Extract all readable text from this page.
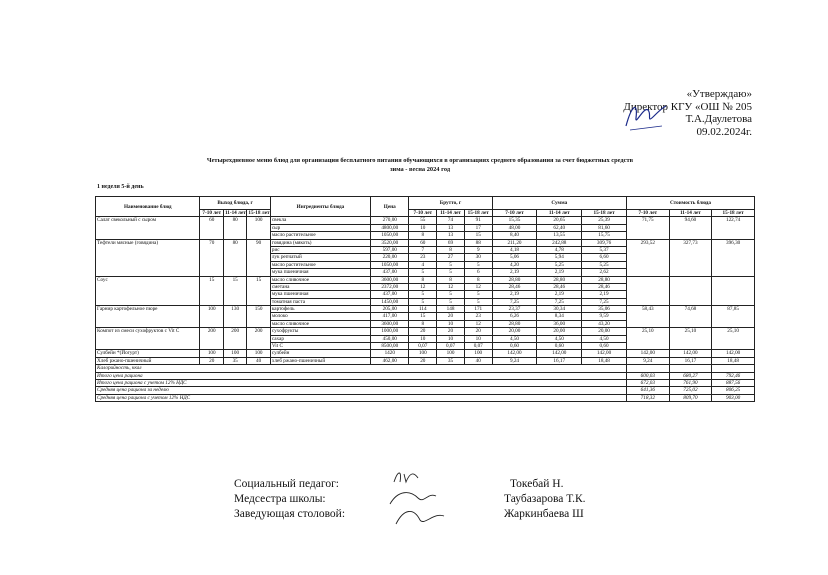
«Утверждаю»
Директор КГУ «ОШ № 205
Т.А.Даулетова
09.02.2024г.
Четырехдневное меню блюд для организации бесплатного питания обучающихся в организациях среднего образования за счет бюджетных средств
зима - весна 2024 год
1 неделя 5-й день
Наименование блюд	Выход блюда, г			Ингредиенты блюда	Цена	Брутто, г			Сумма			Стоимость блюда		
	7-10 лет	11-14 лет	15-18 лет			7-10 лет	11-14 лет	15-18 лет	7-10 лет	11-14 лет	15-18 лет	7-10 лет	11-14 лет	15-18 лет
Салат свекольный с сыром	60	80	100	свекла	270,00	55	74	91	15,35	20,65	25,39	71,75	94,60	122,74
				сыр	4800,00	10	13	17	48,00	62,40	81,60			
				масло растительное	1050,00	8	13	15	8,40	13,55	15,75			
Тефтели мясные (говядина)	70	80	90	говядина (мякоть)	3520,00	60	69	88	211,20	242,88	309,76	293,52	327,73	396,30
				рис	597,00	7	8	9	4,18	4,78	5,37			
				лук репчатый	220,00	23	27	30	5,06	5,94	6,60			
				масло растительное	1050,00	4	5	5	4,20	5,25	5,25			
				мука пшеничная	437,00	5	5	6	2,19	2,19	2,62			
Соус	15	15	15	масло сливочное	3600,00	8	8	8	28,80	28,80	28,80			
				сметана	2372,00	12	12	12	28,46	28,46	28,46			
				мука пшеничная	437,00	5	5	5	2,19	2,19	2,19			
				томатная паста	1450,00	5	5	5	7,25	7,25	7,25			
Гарнир картофельное пюре	100	130	150	картофель	205,00	114	148	171	23,37	30,34	35,06	58,43	74,68	87,85
				молоко	417,00	15	20	23	6,26	8,34	9,59			
				масло сливочное	3600,00	8	10	12	28,80	36,00	43,20			
Компот из смеси сухофруктов с Vit C	200	200	200	сухофрукты	1000,00	20	20	20	20,00	20,00	20,00	25,10	25,10	25,10
				сахар	450,00	10	10	10	4,50	4,50	4,50			
				Vit C	8500,00	0,07	0,07	0,07	0,60	0,60	0,60			
Сулбейн *(Йогурт)	100	100	100	сулбейн	1420	100	100	100	142,00	142,00	142,00	142,00	142,00	142,00
Хлеб ржано-пшеничный	20	35	40	хлеб ржано-пшеничный	462,00	20	35	40	9,24	16,17	18,48	9,24	16,17	18,48
Калорийность, ккал														
Итого цена рациона												600,03	680,27	792,46
Итого цена рациона с учетом 12% НДС												672,03	761,90	887,56
Средняя цена рациона за неделю												641,36	725,02	806,25
Средняя цена рациона с учетом 12% НДС												718,32	809,70	903,00
Социальный педагог:	Токебай Н.
Медсестра школы:	Таубазарова Т.К.
Заведующая столовой:	Жаркинбаева Ш
